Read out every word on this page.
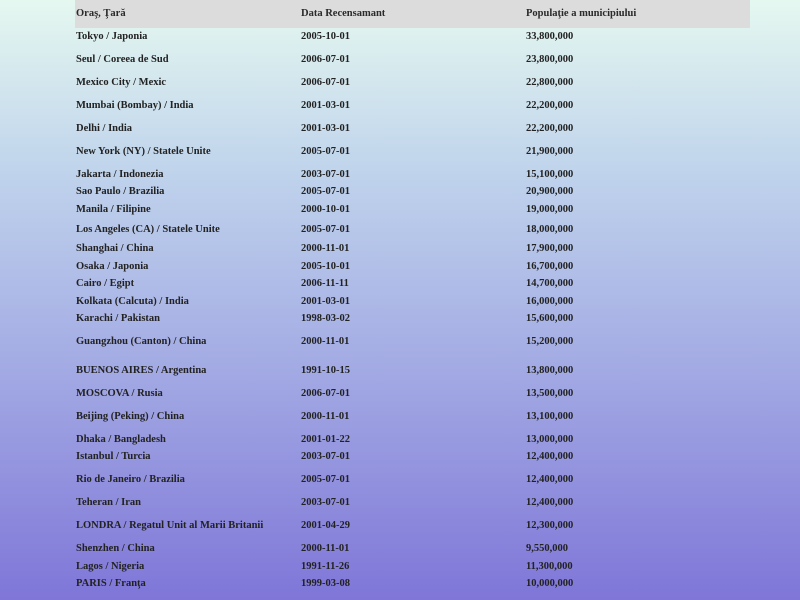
Oraş, Ţară	Data Recensamant	Populaţie a municipiului
Tokyo / Japonia	2005-10-01	33,800,000
Seul / Coreea de Sud	2006-07-01	23,800,000
Mexico City / Mexic	2006-07-01	22,800,000
Mumbai (Bombay) / India	2001-03-01	22,200,000
Delhi / India	2001-03-01	22,200,000
New York (NY) / Statele Unite	2005-07-01	21,900,000
Jakarta / Indonezia	2003-07-01	15,100,000
Sao Paulo / Brazilia	2005-07-01	20,900,000
Manila / Filipine	2000-10-01	19,000,000
Los Angeles (CA) / Statele Unite	2005-07-01	18,000,000
Shanghai / China	2000-11-01	17,900,000
Osaka / Japonia	2005-10-01	16,700,000
Cairo / Egipt	2006-11-11	14,700,000
Kolkata (Calcuta) / India	2001-03-01	16,000,000
Karachi / Pakistan	1998-03-02	15,600,000
Guangzhou (Canton) / China	2000-11-01	15,200,000
BUENOS AIRES / Argentina	1991-10-15	13,800,000
MOSCOVA / Rusia	2006-07-01	13,500,000
Beijing (Peking) / China	2000-11-01	13,100,000
Dhaka / Bangladesh	2001-01-22	13,000,000
Istanbul / Turcia	2003-07-01	12,400,000
Rio de Janeiro / Brazilia	2005-07-01	12,400,000
Teheran / Iran	2003-07-01	12,400,000
LONDRA / Regatul Unit al Marii Britanii	2001-04-29	12,300,000
Shenzhen / China	2000-11-01	9,550,000
Lagos / Nigeria	1991-11-26	11,300,000
PARIS / Franţa	1999-03-08	10,000,000
